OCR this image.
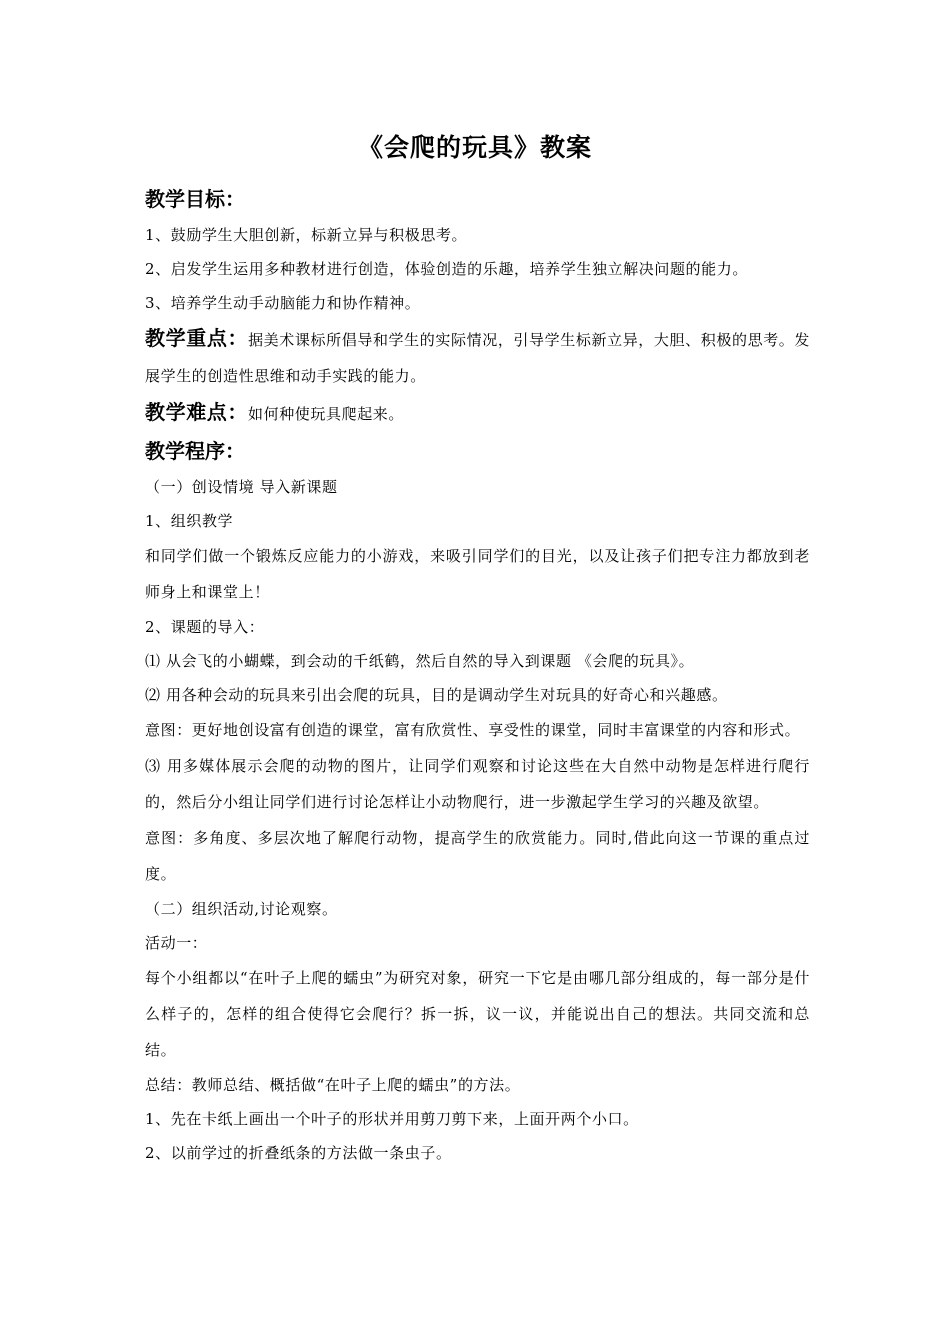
《会爬的玩具》教案
教学目标：

1、鼓励学生大胆创新，标新立异与积极思考。

2、启发学生运用多种教材进行创造，体验创造的乐趣，培养学生独立解决问题的能力。

3、培养学生动手动脑能力和协作精神。

教学重点：据美术课标所倡导和学生的实际情况，引导学生标新立异，大胆、积极的思考。发展学生的创造性思维和动手实践的能力。

教学难点：如何种使玩具爬起来。

教学程序：

（一）创设情境 导入新课题

1、组织教学

和同学们做一个锻炼反应能力的小游戏，来吸引同学们的目光，以及让孩子们把专注力都放到老师身上和课堂上！

2、课题的导入：

⑴ 从会飞的小蝴蝶，到会动的千纸鹤，然后自然的导入到课题 《会爬的玩具》。

⑵ 用各种会动的玩具来引出会爬的玩具，目的是调动学生对玩具的好奇心和兴趣感。

意图：更好地创设富有创造的课堂，富有欣赏性、享受性的课堂，同时丰富课堂的内容和形式。

⑶ 用多媒体展示会爬的动物的图片，让同学们观察和讨论这些在大自然中动物是怎样进行爬行的，然后分小组让同学们进行讨论怎样让小动物爬行，进一步激起学生学习的兴趣及欲望。

意图：多角度、多层次地了解爬行动物，提高学生的欣赏能力。同时,借此向这一节课的重点过度。

（二）组织活动,讨论观察。

活动一：

每个小组都以“在叶子上爬的蠕虫”为研究对象，研究一下它是由哪几部分组成的，每一部分是什么样子的，怎样的组合使得它会爬行？拆一拆，议一议，并能说出自己的想法。共同交流和总结。

总结：教师总结、概括做“在叶子上爬的蠕虫”的方法。

1、先在卡纸上画出一个叶子的形状并用剪刀剪下来，上面开两个小口。

2、以前学过的折叠纸条的方法做一条虫子。
